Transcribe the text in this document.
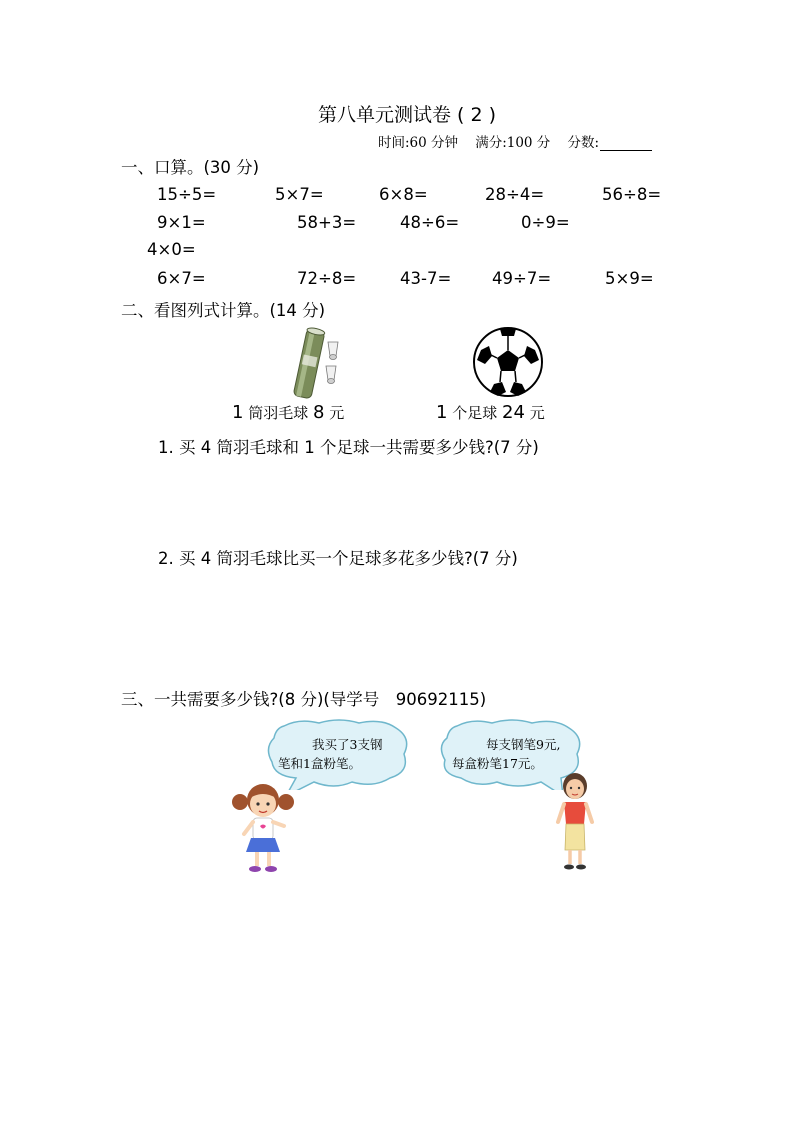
第八单元测试卷 ( 2 )
时间:60 分钟 满分:100 分 分数:
一、口算。(30 分)
15÷5=	5×7=	6×8=	28÷4=	56÷8=
9×1=	58+3=	48÷6=	0÷9=
4×0=
6×7=	72÷8=	43-7= 49÷7=	5×9=
二、看图列式计算。(14 分)
1 筒羽毛球 8 元	1 个足球 24 元
1. 买 4 筒羽毛球和 1 个足球一共需要多少钱?(7 分)
2. 买 4 筒羽毛球比买一个足球多花多少钱?(7 分)
三、一共需要多少钱?(8 分)(导学号　90692115)
我买了3支钢
笔和1盒粉笔。
每支钢笔9元,
每盒粉笔17元。
